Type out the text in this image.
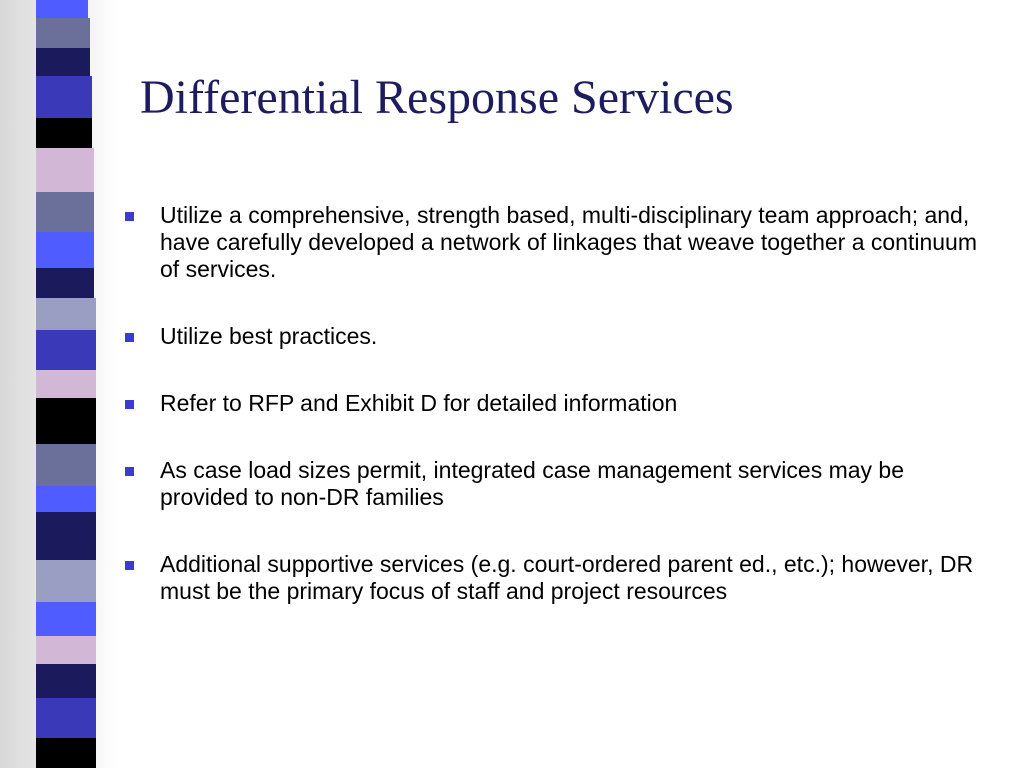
Differential Response Services
Utilize a comprehensive, strength based, multi-disciplinary team approach; and, have carefully developed a network of linkages that weave together a continuum of services.
Utilize best practices.
Refer to RFP and Exhibit D for detailed information
As case load sizes permit, integrated case management services may be provided to non-DR families
Additional supportive services (e.g. court-ordered parent ed., etc.); however, DR must be the primary focus of staff and project resources
